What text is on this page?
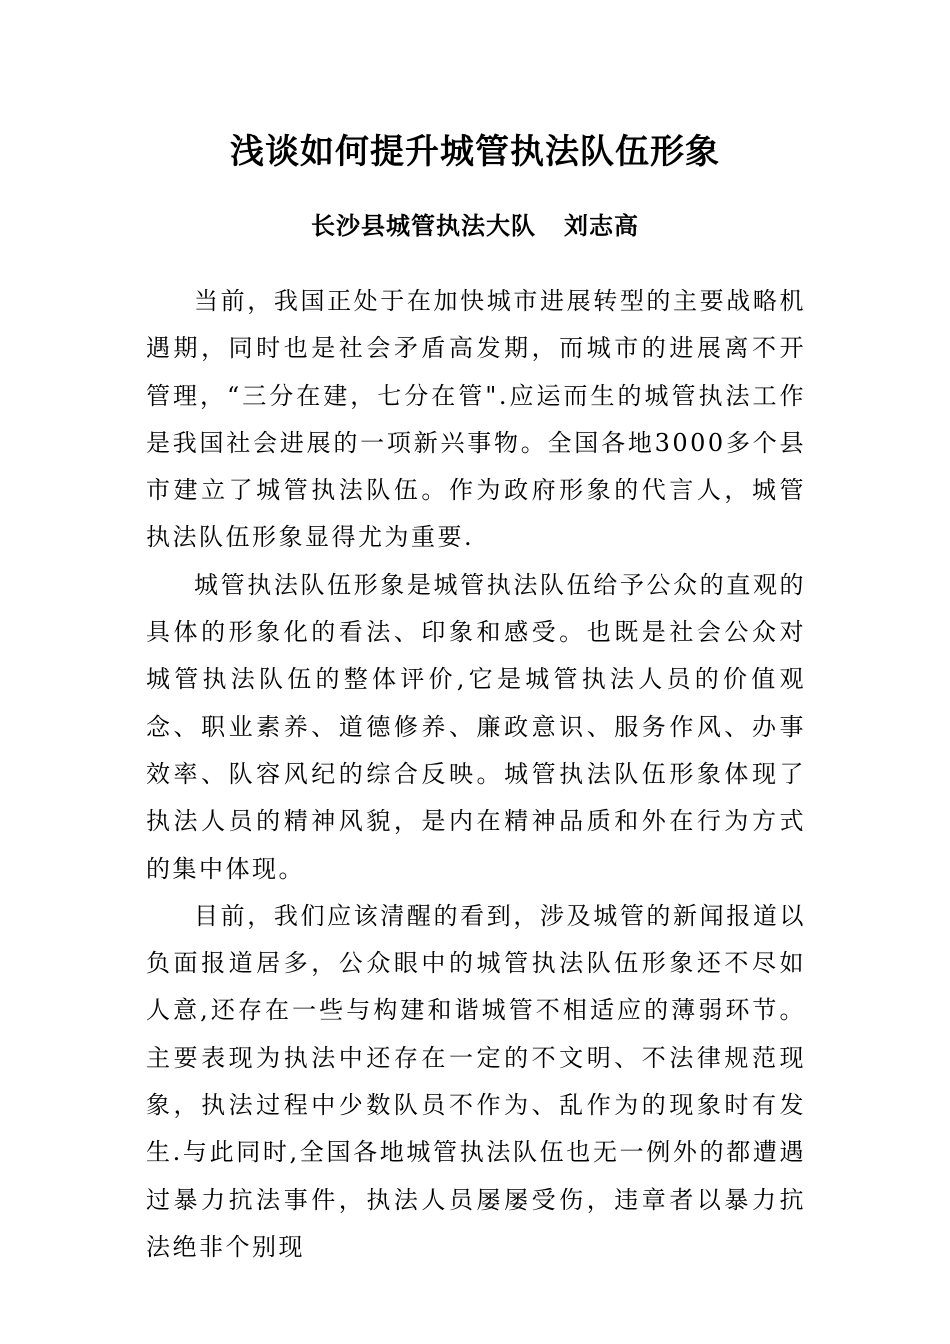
浅谈如何提升城管执法队伍形象
长沙县城管执法大队   刘志高

当前，我国正处于在加快城市进展转型的主要战略机遇期，同时也是社会矛盾高发期，而城市的进展离不开管理，“三分在建，七分在管".应运而生的城管执法工作是我国社会进展的一项新兴事物。全国各地3000多个县市建立了城管执法队伍。作为政府形象的代言人，城管执法队伍形象显得尤为重要.

城管执法队伍形象是城管执法队伍给予公众的直观的具体的形象化的看法、印象和感受。也既是社会公众对城管执法队伍的整体评价,它是城管执法人员的价值观念、职业素养、道德修养、廉政意识、服务作风、办事效率、队容风纪的综合反映。城管执法队伍形象体现了执法人员的精神风貌，是内在精神品质和外在行为方式的集中体现。

目前，我们应该清醒的看到，涉及城管的新闻报道以负面报道居多，公众眼中的城管执法队伍形象还不尽如人意,还存在一些与构建和谐城管不相适应的薄弱环节。主要表现为执法中还存在一定的不文明、不法律规范现象，执法过程中少数队员不作为、乱作为的现象时有发生.与此同时,全国各地城管执法队伍也无一例外的都遭遇过暴力抗法事件，执法人员屡屡受伤，违章者以暴力抗法绝非个别现
